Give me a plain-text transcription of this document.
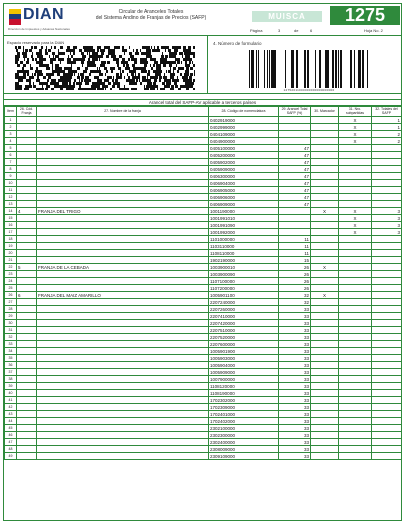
DIAN
Dirección de Impuestos y Aduanas Nacionales
Circular de Aranceles Totales
del Sistema Andino de Franjas de Precios (SAFP)	MUISCA	1275
Página	3	de	6	Hoja No. 2
Espacio reservado para la DIAN	4. Número de formulario
12752011000000000000000000
Arancel total del SAFP-AV aplicable a terceros países
Item	26. Cód. Franja	27. Nombre de la franja	28. Código de nomenclatura	29. Arancel Total SAFP (%)	30. Marcador	31. Nro. subpartidas	32. Totales del SAFP
1			0402919000			X	1
2			0402999000			X	1
3			0404109000			X	2
4			0404900000			X	2
5			0405100000	47			
6			0405200000	47			
7			0405902000	47			
8			0405909000	47			
9			0406300000	47			
10			0406904000	47			
11			0406905000	47			
12			0406906000	47			
13			0406909000	47			
14	4	FRANJA DEL TRIGO	1001190000		X	X	3
15			1001991010			X	3
16			1001991090			X	3
17			1001992000			X	3
18			1101000000	11			
19			1103110000	11			
20			1108110000	11			
21			1902190000	15			
22	5	FRANJA DE LA CEBADA	1003900010	26	X		
23			1003900090	26			
24			1107100000	26			
25			1107200000	26			
26	6	FRANJA DEL MAIZ AMARILLO	1005901100	32	X		
27			2207240000	32			
28			2207260000	33			
29			2207410000	33			
30			2207420000	33			
31			2207510000	33			
32			2207520000	33			
33			2207600000	33			
34			1005901900	33			
35			1005903000	33			
36			1005904000	33			
37			1005909000	33			
38			1007900000	33			
39			1108120000	33			
40			1108190000	33			
41			1702302000	33			
42			1702309000	33			
43			1702401000	33			
44			1702402000	33			
45			2302100000	33			
46			2302300000	33			
47			2302400000	33			
48			2308009000	33			
49			2309109000	33			
